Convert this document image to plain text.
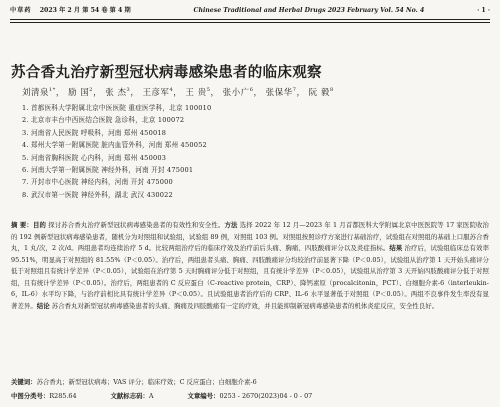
中草药 2023 年 2 月 第 54 卷 第 4 期	Chinese Traditional and Herbal Drugs 2023 February Vol. 54 No. 4	· 1 ·
苏合香丸治疗新型冠状病毒感染患者的临床观察
刘清泉$^{1*}$， 励 国$^2$， 张 杰$^3$， 王彦军$^4$， 王 贵$^5$， 张小广$^6$， 张保华$^7$， 阮 毅$^8$
1. 首都医科大学附属北京中医医院 重症医学科，北京 100010
2. 北京市丰台中西医结合医院 急诊科，北京 100072
3. 河南省人民医院 呼吸科，河南 郑州 450018
4. 郑州大学第一附属医院 脏内血管外科，河南 郑州 450052
5. 河南省胸科医院 心内科，河南 郑州 450003
6. 河南大学第一附属医院 神经外科，河南 开封 475001
7. 开封市中心医院 神经内科，河南 开封 475000
8. 武汉市第一医院 神经外科，湖北 武汉 430022
摘 要：目的 探讨苏合香丸治疗新型冠状病毒感染患者的有效性和安全性。方法 选择 2022 年 12 月—2023 年 1 月首都医科大学附属北京中医医院等 17 家医院收治的 192 例新型冠状病毒感染患者，随机分为对照组和试验组，试验组 89 例，对照组 103 例。对照组按照诊疗方案进行基础治疗，试验组在对照组的基础上口服苏合香丸，1 丸/次，2 次/d。两组患者均连续治疗 5 d。比较两组治疗后的临床疗效及治疗前后头痛、胸痛、四肢酸痛评分以及炎症指标。结果 治疗后，试验组临床总有效率 95.51%，明显高于对照组的 81.55%（P＜0.05）。治疗后，两组患者头痛、胸痛、四肢酸痛评分均较治疗前显著下降（P＜0.05），试验组从治疗第 1 天开始头痛评分低于对照组且有统计学差异（P＜0.05），试验组在治疗第 5 天时胸痛评分低于对照组，且有统计学差异（P＜0.05），试验组从治疗第 3 天开始四肢酸痛评分低于对照组，且有统计学差异（P＜0.05）。治疗后，两组患者的 C 反应蛋白（C-reactive protein，CRP）、降钙素原（procalcitonin，PCT）、白细胞介素-6（interleukin-6，IL-6）水平均下降，与治疗前相比具有统计学差异（P＜0.05）。且试验组患者治疗后的 CRP、IL-6 水平显著低于对照组（P＜0.05）。两组不良事件发生率没有显著差异。结论 苏合香丸对新型冠状病毒感染患者的头痛、胸痛及四肢酸痛有一定的疗效，并且能抑制新冠病毒感染患者的机体炎症反应，安全性良好。
关键词：苏合香丸；新型冠状病毒；VAS 评分；临床疗效；C 反应蛋白；白细胞介素-6
中图分类号：R285.64	文献标志码：A	文章编号：0253 - 2670(2023)04 - 0 - 07
